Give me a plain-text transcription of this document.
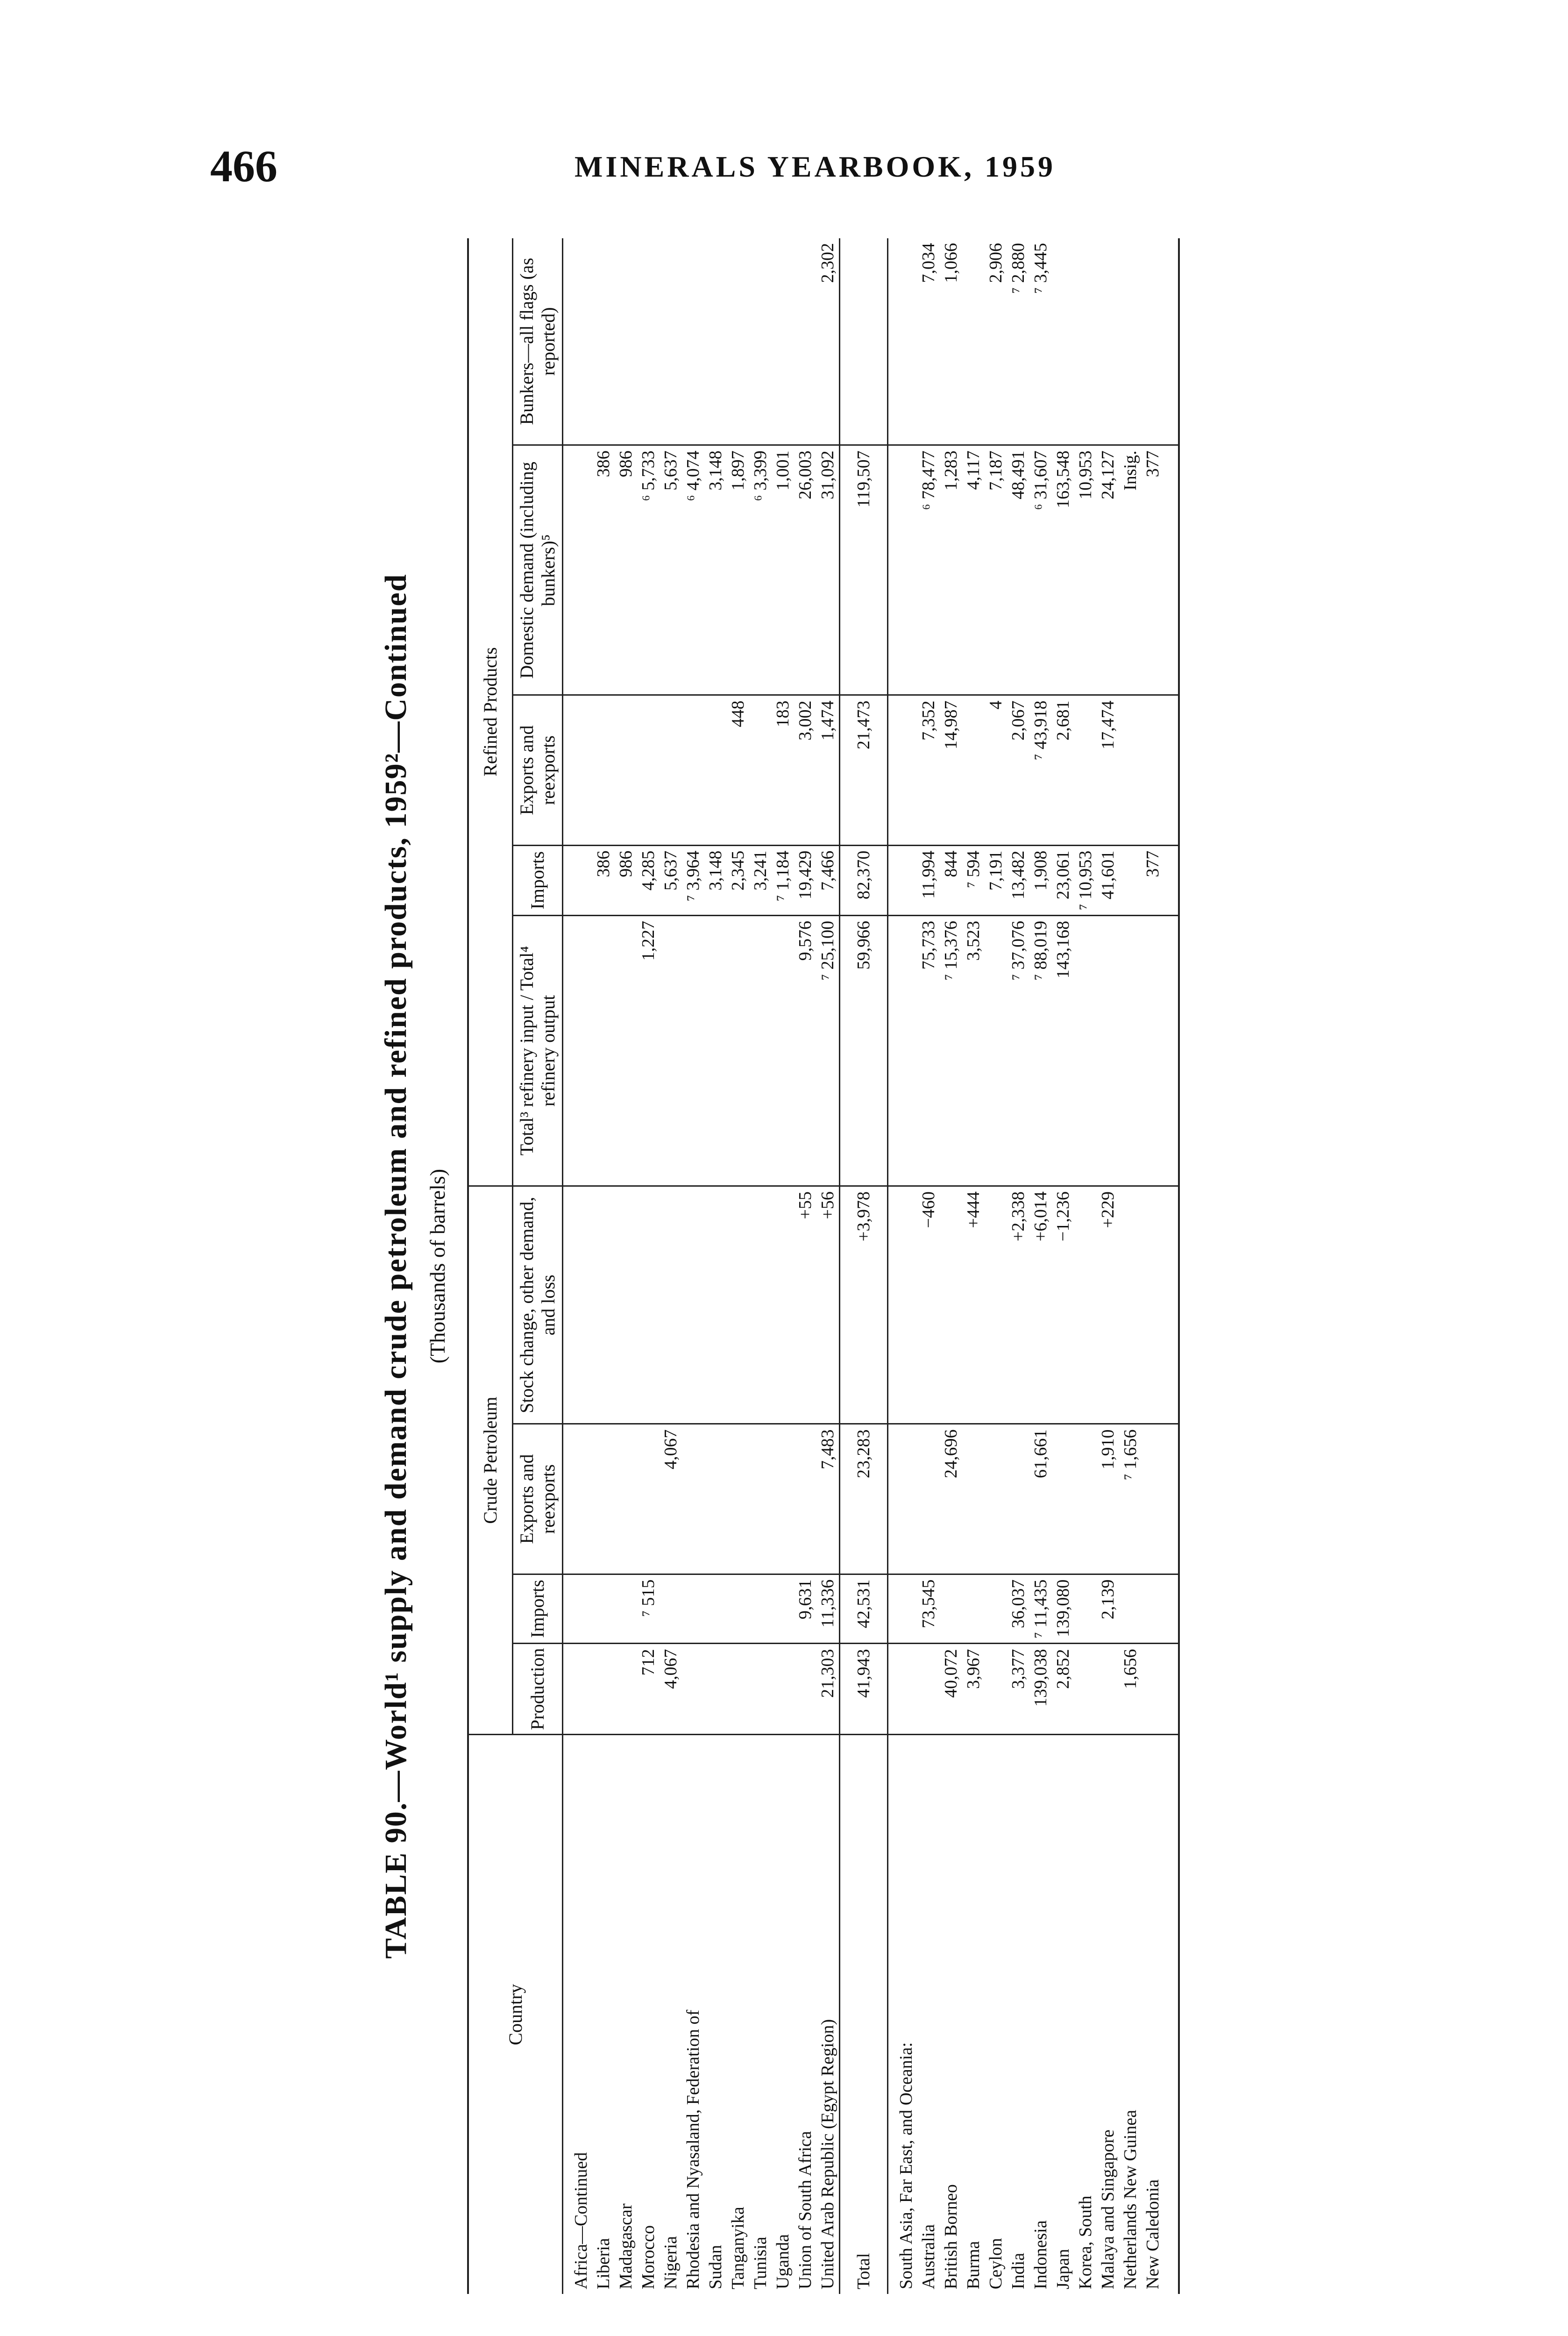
466	MINERALS YEARBOOK, 1959
TABLE 90.—World¹ supply and demand crude petroleum and refined products, 1959²—Continued (Thousands of barrels)
Country	Crude Petroleum				Refined Products				
	Production	Imports	Exports and reexports	Stock change, other demand, and loss	Total³ refinery input / Total⁴ refinery output	Imports	Exports and reexports	Domestic demand (including bunkers)⁵	Bunkers—all flags (as reported)
Africa—Continued									
Liberia						386		386	
Madagascar						986		986	
Morocco	712	⁷ 515			1,227	4,285		⁶ 5,733	
Nigeria	4,067		4,067			5,637		5,637	
Rhodesia and Nyasaland, Federation of						⁷ 3,964		⁶ 4,074	
Sudan						3,148		3,148	
Tanganyika						2,345	448	1,897	
Tunisia						3,241		⁶ 3,399	
Uganda						⁷ 1,184	183	1,001	
Union of South Africa		9,631		+55	9,576	19,429	3,002	26,003	
United Arab Republic (Egypt Region)	21,303	11,336	7,483	+56	⁷ 25,100	7,466	1,474	31,092	2,302
Total	41,943	42,531	23,283	+3,978	59,966	82,370	21,473	119,507	
South Asia, Far East, and Oceania:									
Australia		73,545		−460	75,733	11,994	7,352	⁶ 78,477	7,034
British Borneo	40,072		24,696		⁷ 15,376	844	14,987	1,283	1,066
Burma	3,967			+444	3,523	⁷ 594		4,117	
Ceylon						7,191	4	7,187	2,906
India	3,377	36,037		+2,338	⁷ 37,076	13,482	2,067	48,491	⁷ 2,880
Indonesia	139,038	⁷ 11,435	61,661	+6,014	⁷ 88,019	1,908	⁷ 43,918	⁶ 31,607	⁷ 3,445
Japan	2,852	139,080		−1,236	143,168	23,061	2,681	163,548	
Korea, South						⁷ 10,953		10,953	
Malaya and Singapore		2,139	1,910	+229		41,601	17,474	24,127	
Netherlands New Guinea	1,656		⁷ 1,656					Insig.	
New Caledonia						377		377	
